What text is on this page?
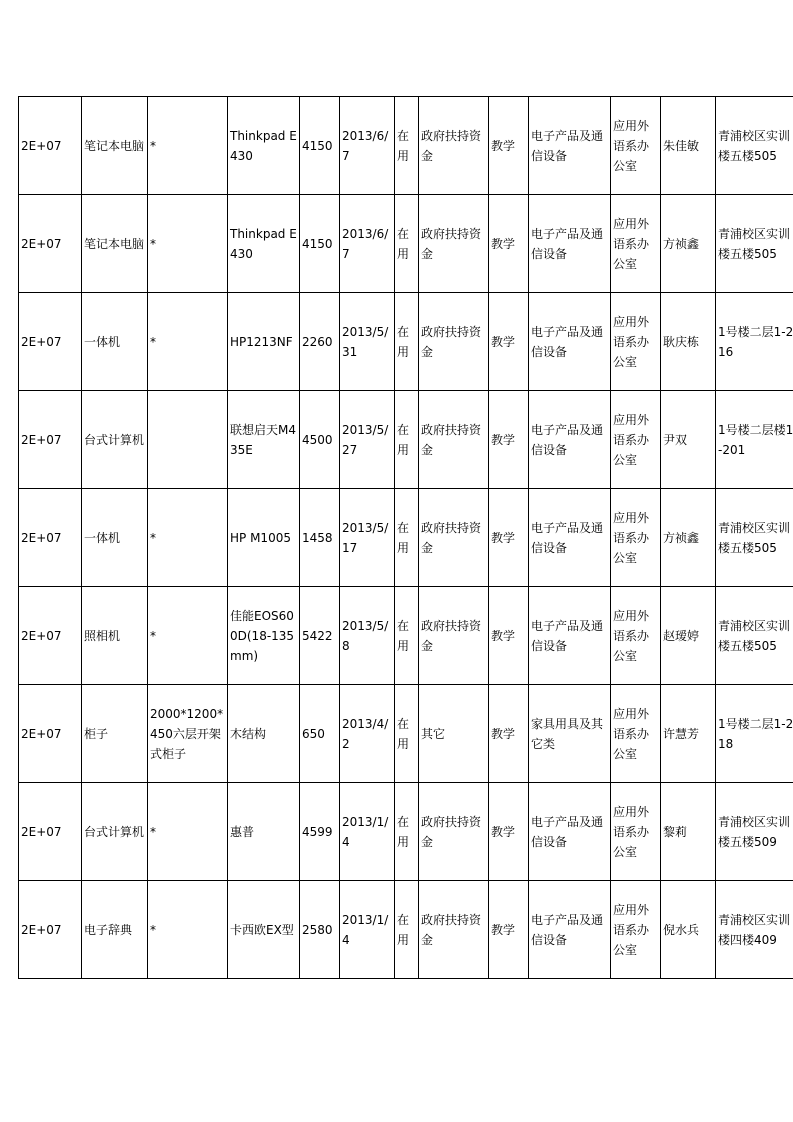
2E+07	笔记本电脑	*	Thinkpad E430	4150	2013/6/7	在用	政府扶持资金	教学	电子产品及通信设备	应用外语系办公室	朱佳敏	青浦校区实训楼五楼505
2E+07	笔记本电脑	*	Thinkpad E430	4150	2013/6/7	在用	政府扶持资金	教学	电子产品及通信设备	应用外语系办公室	方祯鑫	青浦校区实训楼五楼505
2E+07	一体机	*	HP1213NF	2260	2013/5/31	在用	政府扶持资金	教学	电子产品及通信设备	应用外语系办公室	耿庆栋	1号楼二层1-216
2E+07	台式计算机		联想启天M435E	4500	2013/5/27	在用	政府扶持资金	教学	电子产品及通信设备	应用外语系办公室	尹双	1号楼二层楼1-201
2E+07	一体机	*	HP M1005	1458	2013/5/17	在用	政府扶持资金	教学	电子产品及通信设备	应用外语系办公室	方祯鑫	青浦校区实训楼五楼505
2E+07	照相机	*	佳能EOS600D(18-135mm)	5422	2013/5/8	在用	政府扶持资金	教学	电子产品及通信设备	应用外语系办公室	赵瑷婷	青浦校区实训楼五楼505
2E+07	柜子	2000*1200*450六层开架式柜子	木结构	650	2013/4/2	在用	其它	教学	家具用具及其它类	应用外语系办公室	许慧芳	1号楼二层1-218
2E+07	台式计算机	*	惠普	4599	2013/1/4	在用	政府扶持资金	教学	电子产品及通信设备	应用外语系办公室	黎莉	青浦校区实训楼五楼509
2E+07	电子辞典	*	卡西欧EX型	2580	2013/1/4	在用	政府扶持资金	教学	电子产品及通信设备	应用外语系办公室	倪水兵	青浦校区实训楼四楼409
